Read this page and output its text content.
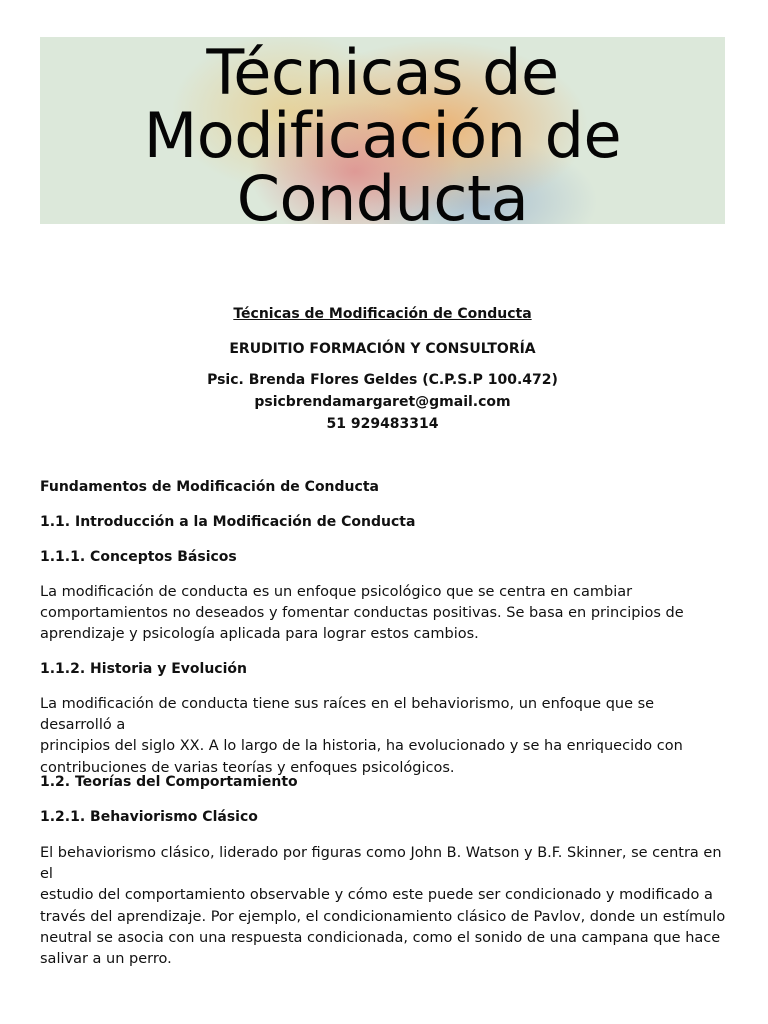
Técnicas de
Modificación de
Conducta
Técnicas de Modificación de Conducta
ERUDITIO FORMACIÓN Y CONSULTORÍA
Psic. Brenda Flores Geldes (C.P.S.P 100.472)
psicbrendamargaret@gmail.com
51 929483314
Fundamentos de Modificación de Conducta
1.1. Introducción a la Modificación de Conducta
1.1.1. Conceptos Básicos
La modificación de conducta es un enfoque psicológico que se centra en cambiar
comportamientos no deseados y fomentar conductas positivas. Se basa en principios de
aprendizaje y psicología aplicada para lograr estos cambios.
1.1.2. Historia y Evolución
La modificación de conducta tiene sus raíces en el behaviorismo, un enfoque que se desarrolló a
principios del siglo XX. A lo largo de la historia, ha evolucionado y se ha enriquecido con
contribuciones de varias teorías y enfoques psicológicos.
1.2. Teorías del Comportamiento
1.2.1. Behaviorismo Clásico
El behaviorismo clásico, liderado por figuras como John B. Watson y B.F. Skinner, se centra en el
estudio del comportamiento observable y cómo este puede ser condicionado y modificado a
través del aprendizaje. Por ejemplo, el condicionamiento clásico de Pavlov, donde un estímulo
neutral se asocia con una respuesta condicionada, como el sonido de una campana que hace
salivar a un perro.
